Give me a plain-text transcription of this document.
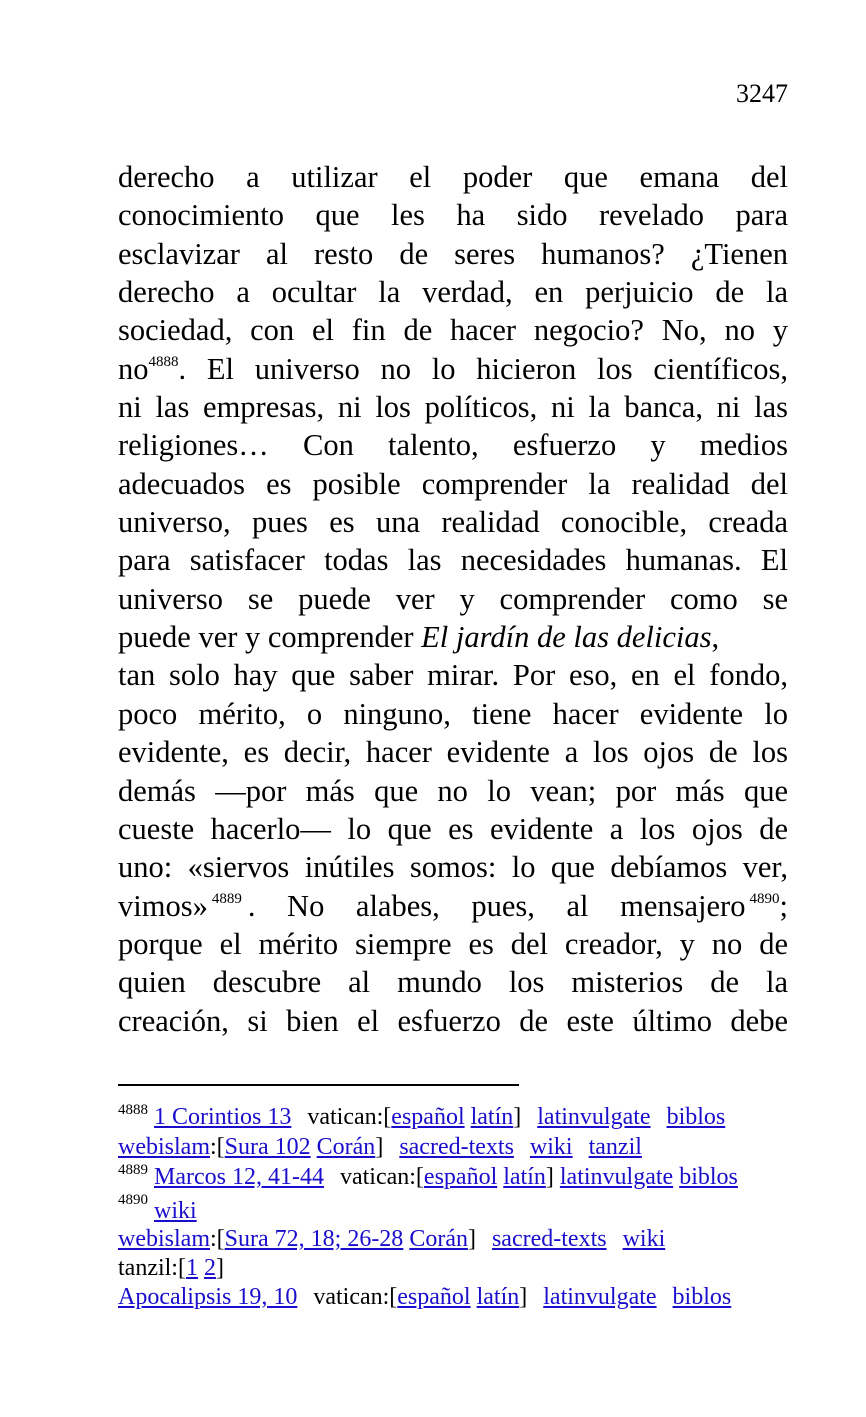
3247
derecho a utilizar el poder que emana del
conocimiento que les ha sido revelado para
esclavizar al resto de seres humanos? ¿Tienen
derecho a ocultar la verdad, en perjuicio de la
sociedad, con el fin de hacer negocio? No, no y
no$^{4888}$. El universo no lo hicieron los científicos,
ni las empresas, ni los políticos, ni la banca, ni las
religiones… Con talento, esfuerzo y medios
adecuados es posible comprender la realidad del
universo, pues es una realidad conocible, creada
para satisfacer todas las necesidades humanas. El
universo se puede ver y comprender como se
puede ver y comprender El jardín de las delicias,
tan solo hay que saber mirar. Por eso, en el fondo,
poco mérito, o ninguno, tiene hacer evidente lo
evidente, es decir, hacer evidente a los ojos de los
demás —por más que no lo vean; por más que
cueste hacerlo— lo que es evidente a los ojos de
uno: «siervos inútiles somos: lo que debíamos ver,
vimos» $^{4889}$ . No alabes, pues, al mensajero $^{4890}$;
porque el mérito siempre es del creador, y no de
quien descubre al mundo los misterios de la
creación, si bien el esfuerzo de este último debe
$^{4888}$ 1 Corintios 13 vatican:[español latín] latinvulgate biblos
webislam:[Sura 102 Corán] sacred-texts wiki tanzil
$^{4889}$ Marcos 12, 41-44 vatican:[español latín] latinvulgate biblos
$^{4890}$ wiki
webislam:[Sura 72, 18; 26-28 Corán] sacred-texts wiki
tanzil:[1 2]
Apocalipsis 19, 10 vatican:[español latín] latinvulgate biblos
